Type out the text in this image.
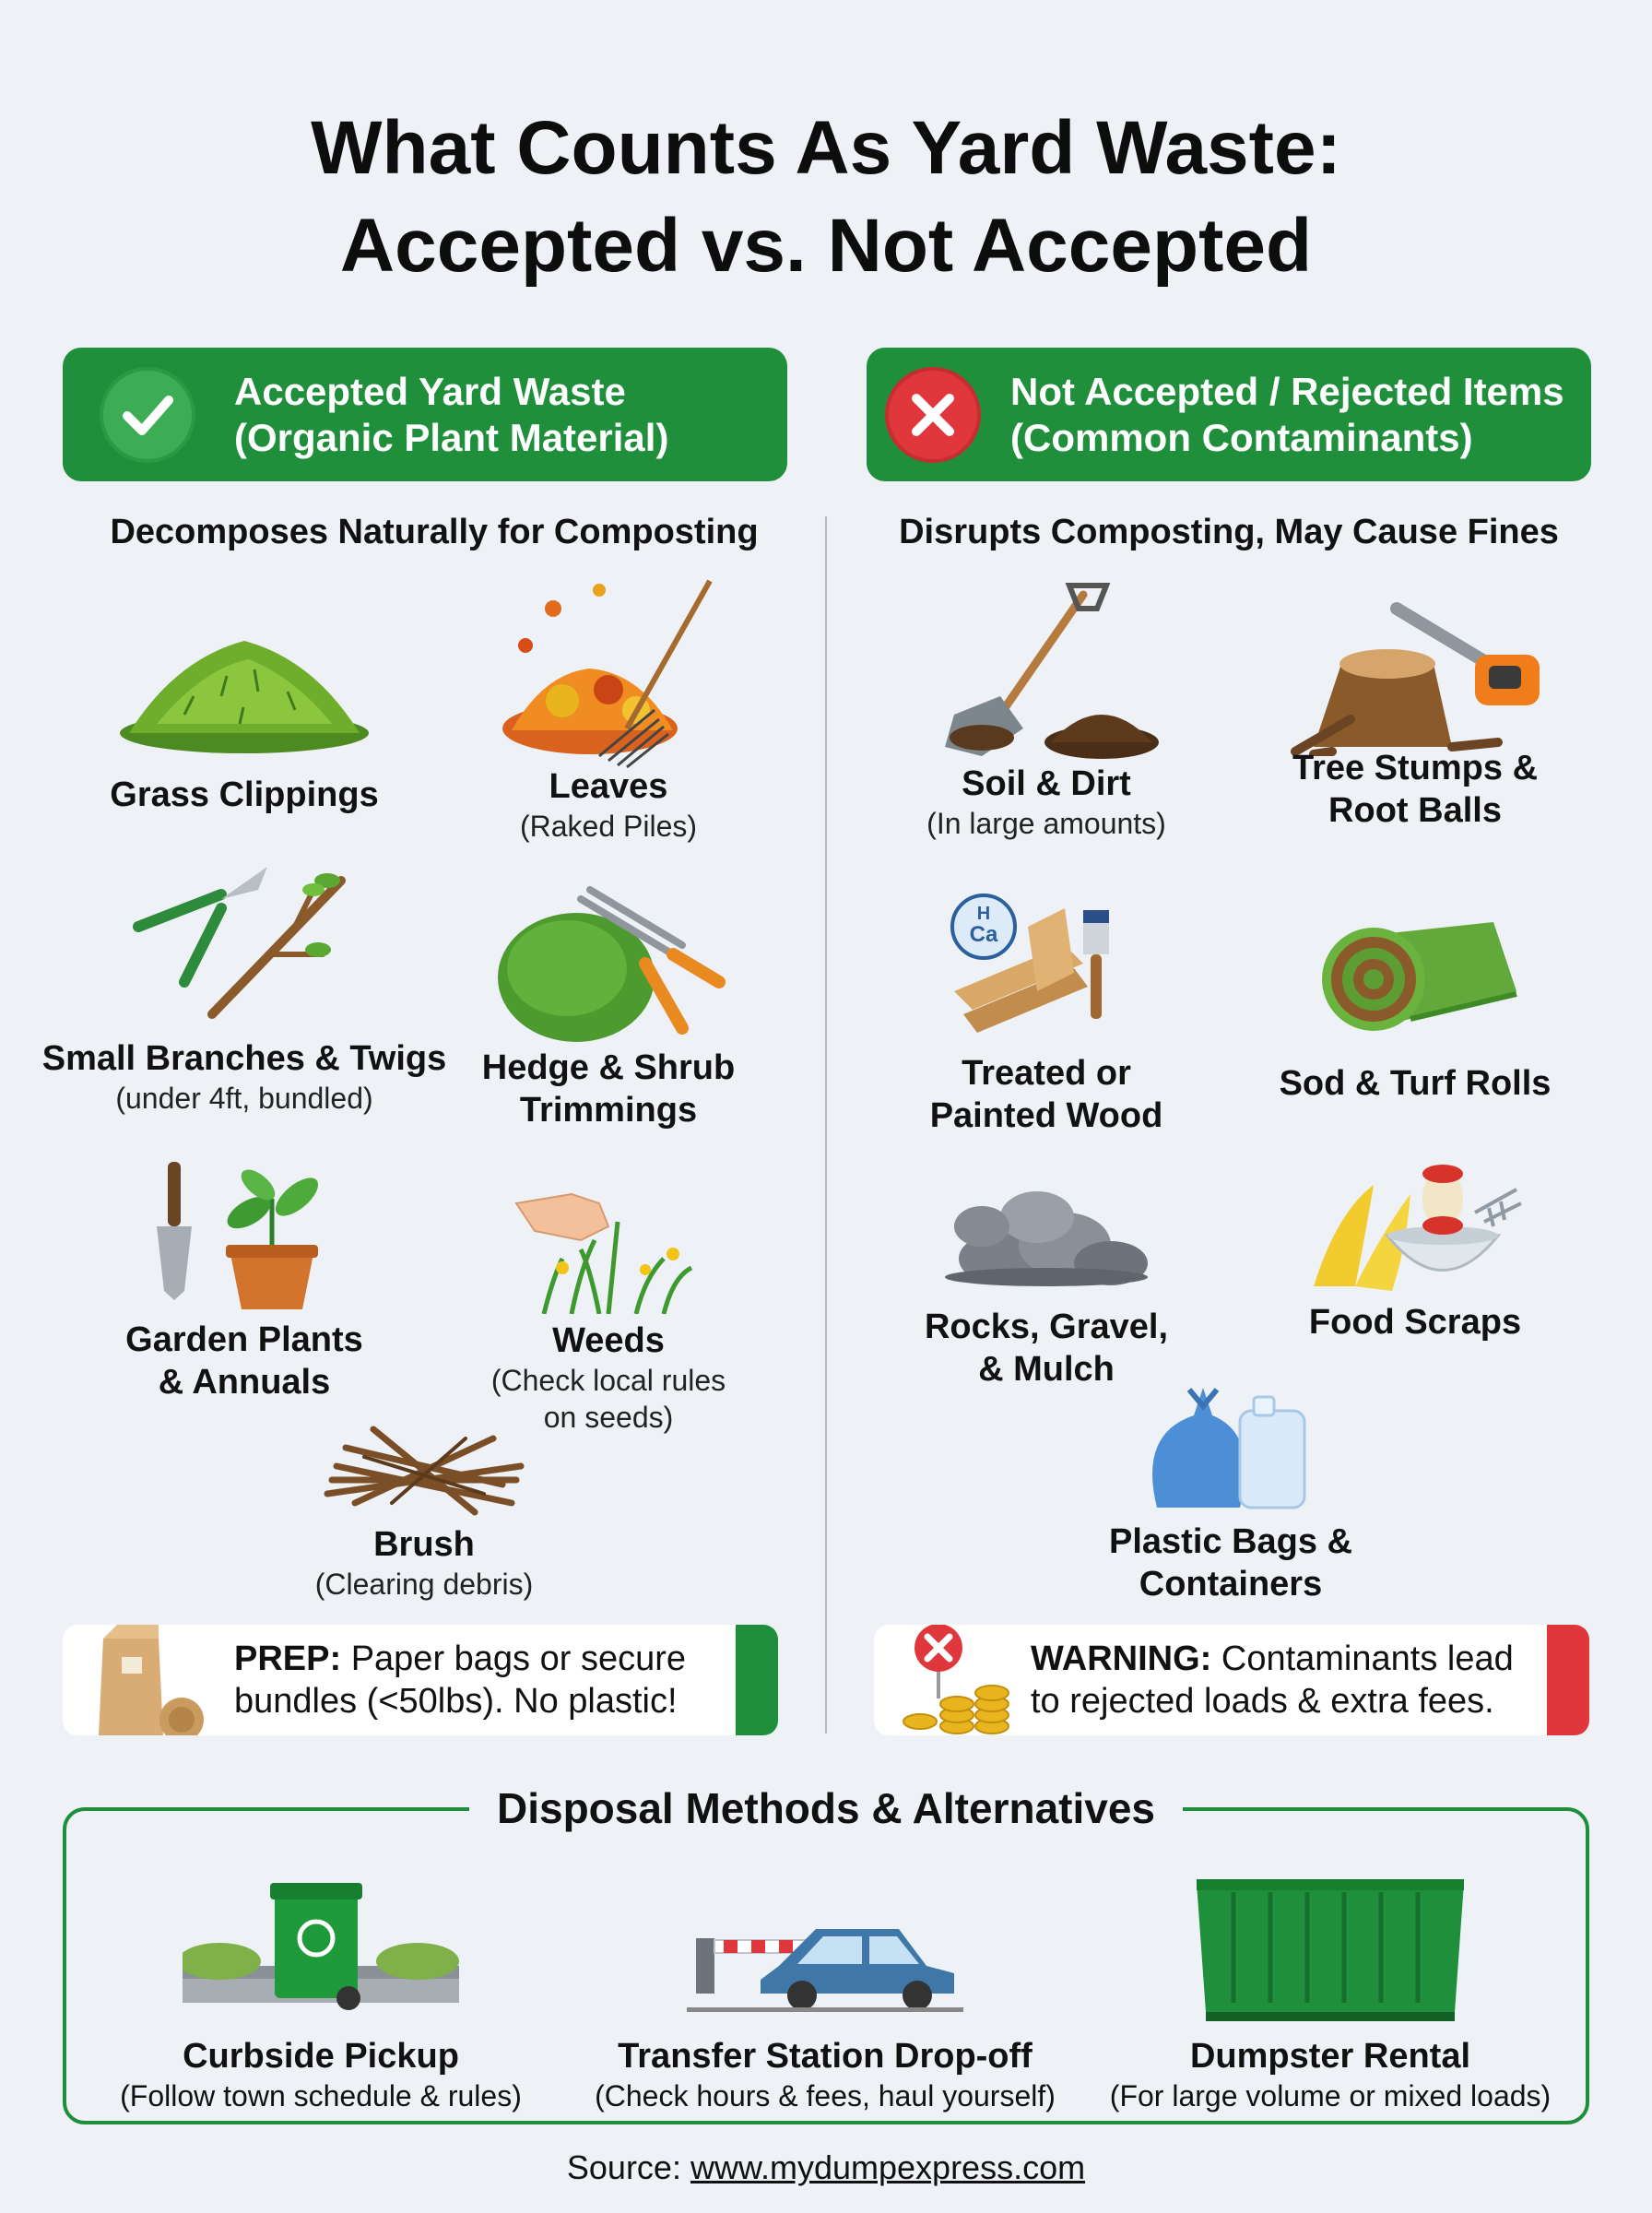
What Counts As Yard Waste:
Accepted vs. Not Accepted
Accepted Yard Waste
(Organic Plant Material)
Not Accepted / Rejected Items
(Common Contaminants)
Decomposes Naturally for Composting	Disrupts Composting, May Cause Fines
Grass Clippings	Leaves
(Raked Piles)
Small Branches & Twigs
(under 4ft, bundled)
Hedge & Shrub
Trimmings
Garden Plants
& Annuals
Weeds
(Check local rules
on seeds)
Brush
(Clearing debris)
Soil & Dirt
(In large amounts)
Tree Stumps &
Root Balls
H
Ca
Treated or
Painted Wood
Sod & Turf Rolls
Rocks, Gravel,
& Mulch
Food Scraps
Plastic Bags &
Containers
PREP: Paper bags or secure
bundles (<50lbs). No plastic!
WARNING: Contaminants lead
to rejected loads & extra fees.
Disposal Methods & Alternatives
Curbside Pickup
(Follow town schedule & rules)
Transfer Station Drop-off
(Check hours & fees, haul yourself)
Dumpster Rental
(For large volume or mixed loads)
Source: www.mydumpexpress.com
